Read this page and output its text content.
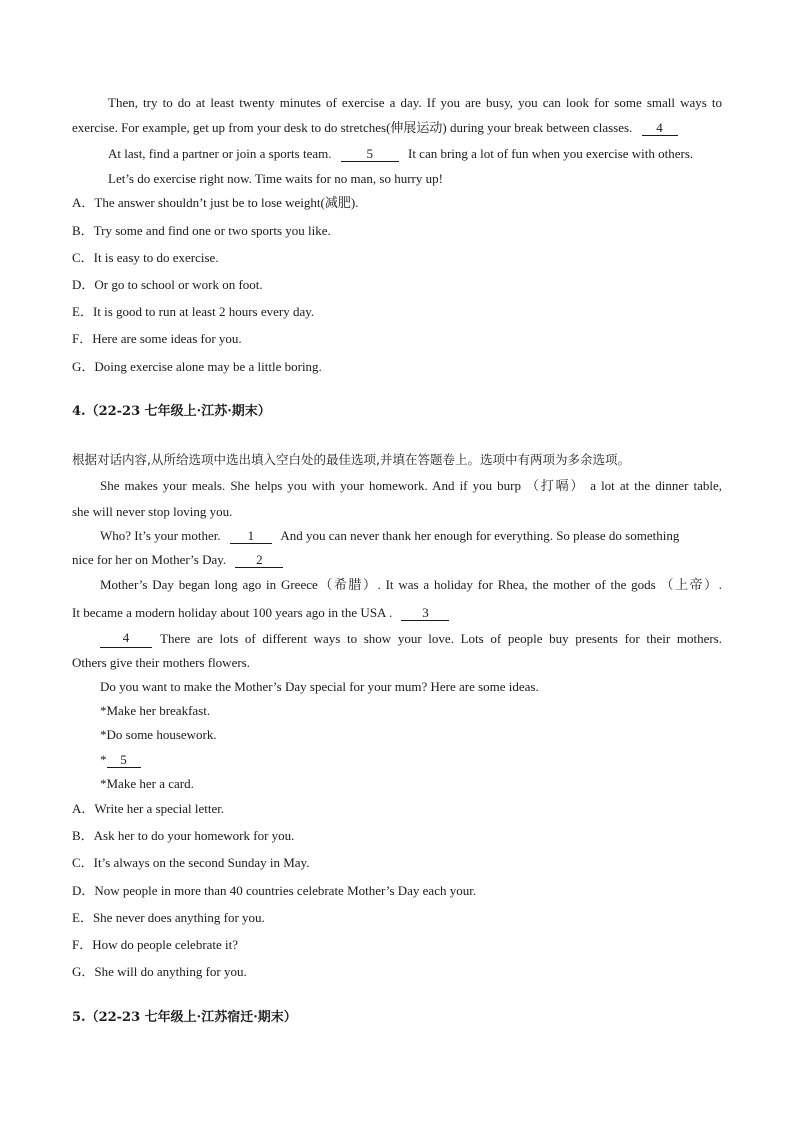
Then, try to do at least twenty minutes of exercise a day. If you are busy, you can look for some small ways to
exercise. For example, get up from your desk to do stretches(伸展运动) during your break between classes. 4
At last, find a partner or join a sports team.	5	It can bring a lot of fun when you exercise with others.
Let’s do exercise right now. Time waits for no man, so hurry up!
A．The answer shouldn’t just be to lose weight(减肥).
B．Try some and find one or two sports you like.
C．It is easy to do exercise.
D．Or go to school or work on foot.
E．It is good to run at least 2 hours every day.
F．Here are some ideas for you.
G．Doing exercise alone may be a little boring.
4.（22-23 七年级上·江苏·期末）
根据对话内容,从所给选项中选出填入空白处的最佳选项,并填在答题卷上。选项中有两项为多余选项。
She makes your meals. She helps you with your homework. And if you burp （打嗝） a lot at the dinner table,
she will never stop loving you.
Who? It’s your mother. 1 And you can never thank her enough for everything. So please do something
nice for her on Mother’s Day. 2
Mother’s Day began long ago in Greece（希腊）. It was a holiday for Rhea, the mother of the gods （上帝）.
It became a modern holiday about 100 years ago in the USA . 3
4	There are lots of different ways to show your love. Lots of people buy presents for their mothers.
Others give their mothers flowers.
Do you want to make the Mother’s Day special for your mum? Here are some ideas.
*Make her breakfast.
*Do some housework.
* 5
*Make her a card.
A．Write her a special letter.
B．Ask her to do your homework for you.
C．It’s always on the second Sunday in May.
D．Now people in more than 40 countries celebrate Mother’s Day each your.
E．She never does anything for you.
F．How do people celebrate it?
G．She will do anything for you.
5.（22-23 七年级上·江苏宿迁·期末）
